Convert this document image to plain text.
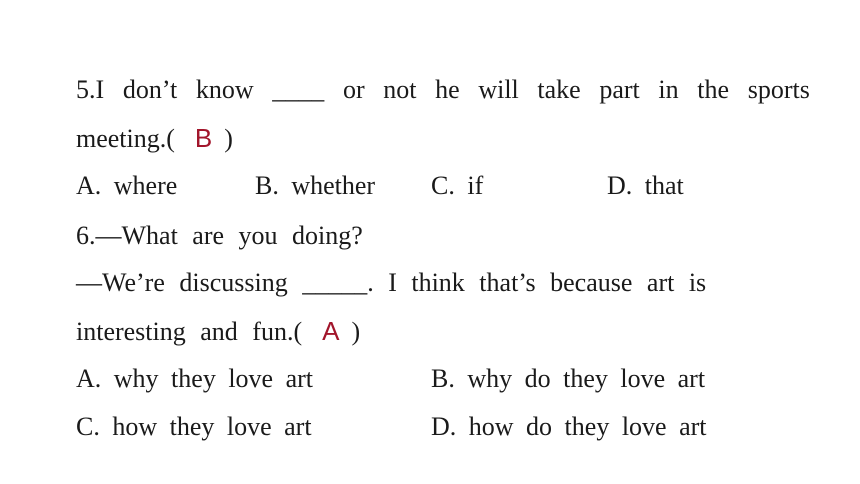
5.I don’t know ____ or not he will take part in the sports
meeting.( B )
A. where	B. whether C. if	D. that
6.—What are you doing?
—We’re discussing _____. I think that’s because art is
interesting and fun.( A )
A. why they love art	B. why do they love art
C. how they love art	D. how do they love art
